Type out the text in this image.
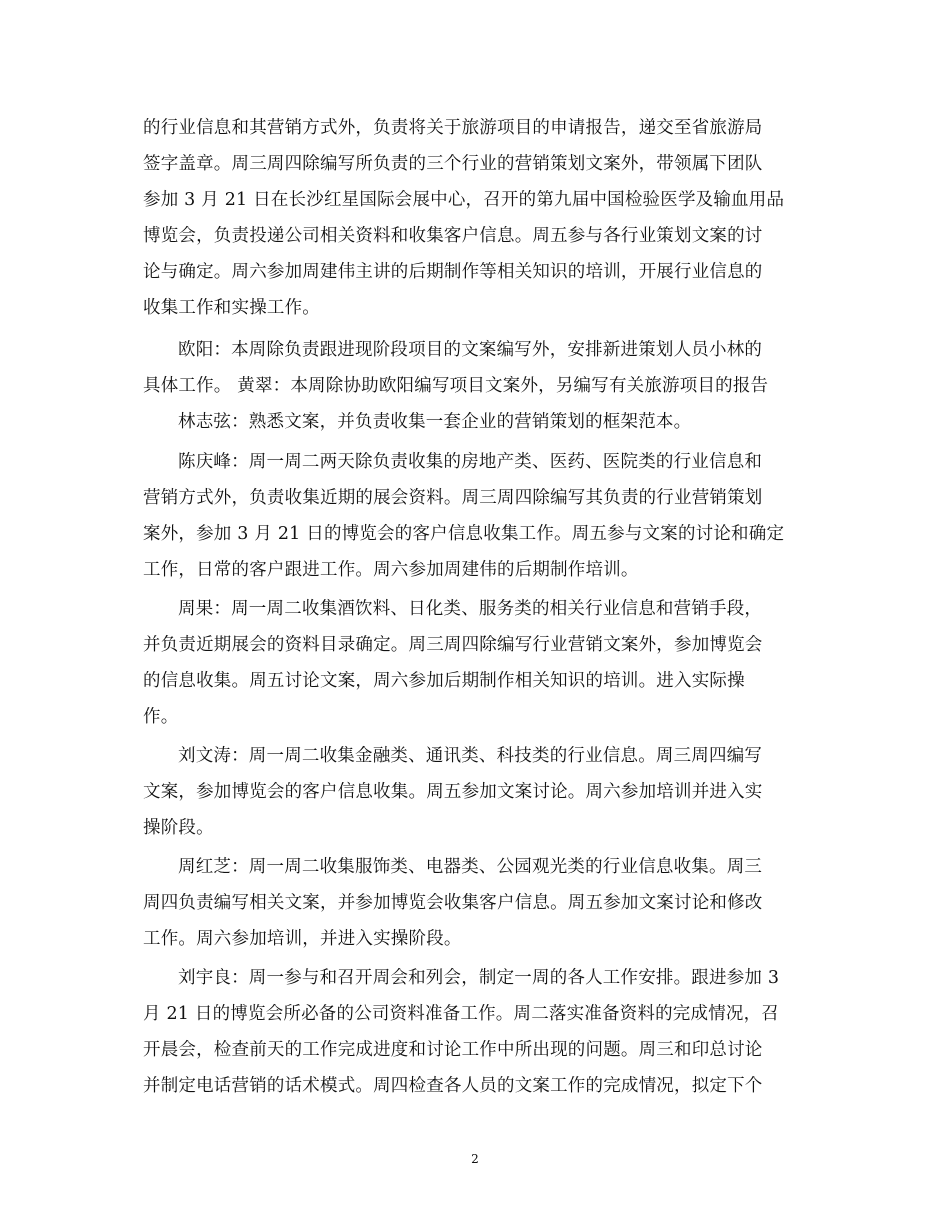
的行业信息和其营销方式外，负责将关于旅游项目的申请报告，递交至省旅游局
签字盖章。周三周四除编写所负责的三个行业的营销策划文案外，带领属下团队
参加 3 月 21 日在长沙红星国际会展中心，召开的第九届中国检验医学及输血用品
博览会，负责投递公司相关资料和收集客户信息。周五参与各行业策划文案的讨
论与确定。周六参加周建伟主讲的后期制作等相关知识的培训，开展行业信息的
收集工作和实操工作。
欧阳：本周除负责跟进现阶段项目的文案编写外，安排新进策划人员小林的
具体工作。 黄翠：本周除协助欧阳编写项目文案外，另编写有关旅游项目的报告
林志弦：熟悉文案，并负责收集一套企业的营销策划的框架范本。
陈庆峰：周一周二两天除负责收集的房地产类、医药、医院类的行业信息和
营销方式外，负责收集近期的展会资料。周三周四除编写其负责的行业营销策划
案外，参加 3 月 21 日的博览会的客户信息收集工作。周五参与文案的讨论和确定
工作，日常的客户跟进工作。周六参加周建伟的后期制作培训。
周果：周一周二收集酒饮料、日化类、服务类的相关行业信息和营销手段，
并负责近期展会的资料目录确定。周三周四除编写行业营销文案外，参加博览会
的信息收集。周五讨论文案，周六参加后期制作相关知识的培训。进入实际操
作。
刘文涛：周一周二收集金融类、通讯类、科技类的行业信息。周三周四编写
文案，参加博览会的客户信息收集。周五参加文案讨论。周六参加培训并进入实
操阶段。
周红芝：周一周二收集服饰类、电器类、公园观光类的行业信息收集。周三
周四负责编写相关文案，并参加博览会收集客户信息。周五参加文案讨论和修改
工作。周六参加培训，并进入实操阶段。
刘宇良：周一参与和召开周会和列会，制定一周的各人工作安排。跟进参加 3
月 21 日的博览会所必备的公司资料准备工作。周二落实准备资料的完成情况，召
开晨会，检查前天的工作完成进度和讨论工作中所出现的问题。周三和印总讨论
并制定电话营销的话术模式。周四检查各人员的文案工作的完成情况，拟定下个
2
